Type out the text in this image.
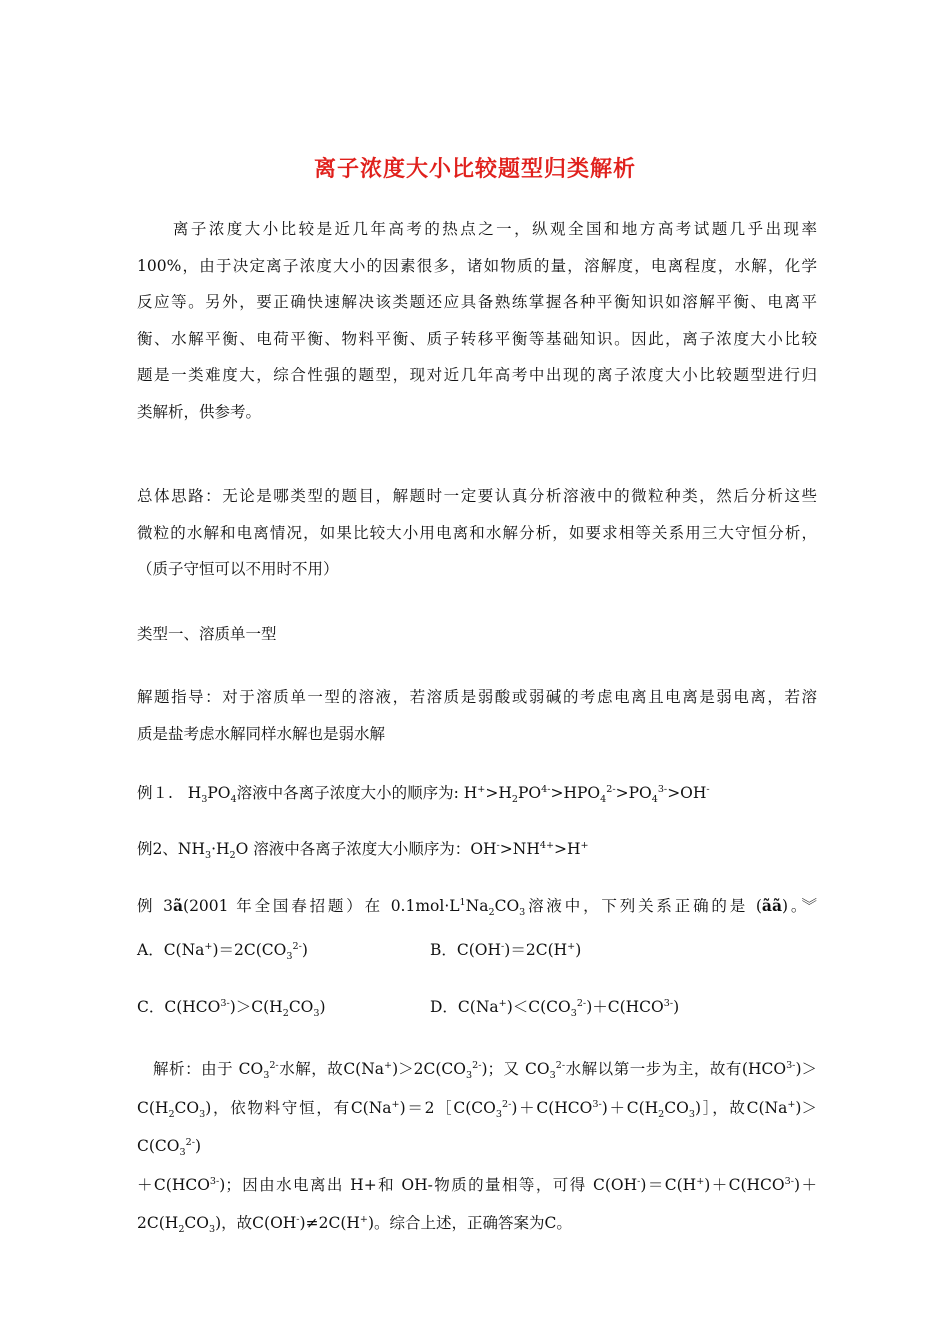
离子浓度大小比较题型归类解析
　　离子浓度大小比较是近几年高考的热点之一，纵观全国和地方高考试题几乎出现率
100%，由于决定离子浓度大小的因素很多，诸如物质的量，溶解度，电离程度，水解，化学
反应等。另外，要正确快速解决该类题还应具备熟练掌握各种平衡知识如溶解平衡、电离平
衡、水解平衡、电荷平衡、物料平衡、质子转移平衡等基础知识。因此，离子浓度大小比较
题是一类难度大，综合性强的题型，现对近几年高考中出现的离子浓度大小比较题型进行归
类解析，供参考。
总体思路：无论是哪类型的题目，解题时一定要认真分析溶液中的微粒种类，然后分析这些
微粒的水解和电离情况，如果比较大小用电离和水解分析，如要求相等关系用三大守恒分析，
（质子守恒可以不用时不用）
类型一、溶质单一型
解题指导：对于溶质单一型的溶液，若溶质是弱酸或弱碱的考虑电离且电离是弱电离，若溶
质是盐考虑水解同样水解也是弱水解
例１. $H_3PO_4$溶液中各离子浓度大小的顺序为: $H^+>H_2PO^{4-}>HPO_4^{2-}>PO_4^{3-}>OH^-$
例2、$NH_3\cdot H_2O$ 溶液中各离子浓度大小顺序为：$OH^->NH^{4+}>H^+$
例 3ã(2001 年全国春招题）在 $0.1mol\cdot L^1Na_2CO_3$溶液中，下列关系正确的是 (ãã)。︾
A．$C(Na^+)=2C(CO_3^{2-})$	B．C(OH-)＝2C(H+)
C．$C(HCO^{3-})>C(H_2CO_3)$	D．$C(Na^+)<C(CO_3^{2-})+C(HCO^{3-})$
　解析：由于 $CO_3^{2-}$水解，故$C(Na^+)>2C(CO_3^{2-})$；又 $CO_3^{2-}$水解以第一步为主，故有$(HCO^{3-})>$
$C(H_2CO_3)$，依物料守恒，有$C(Na^+)=2[C(CO_3^{2-})+C(HCO^{3-})+C(H_2CO_3)]$，故$C(Na^+)>C(CO_3^{2-})$
$+C(HCO^{3-})$；因由水电离出 H+和 OH-物质的量相等，可得 $C(OH^-)=C(H^+)+C(HCO^{3-})+$
$2C(H_2CO_3)$，故C(OH-)≠2C(H+)。综合上述，正确答案为C。
